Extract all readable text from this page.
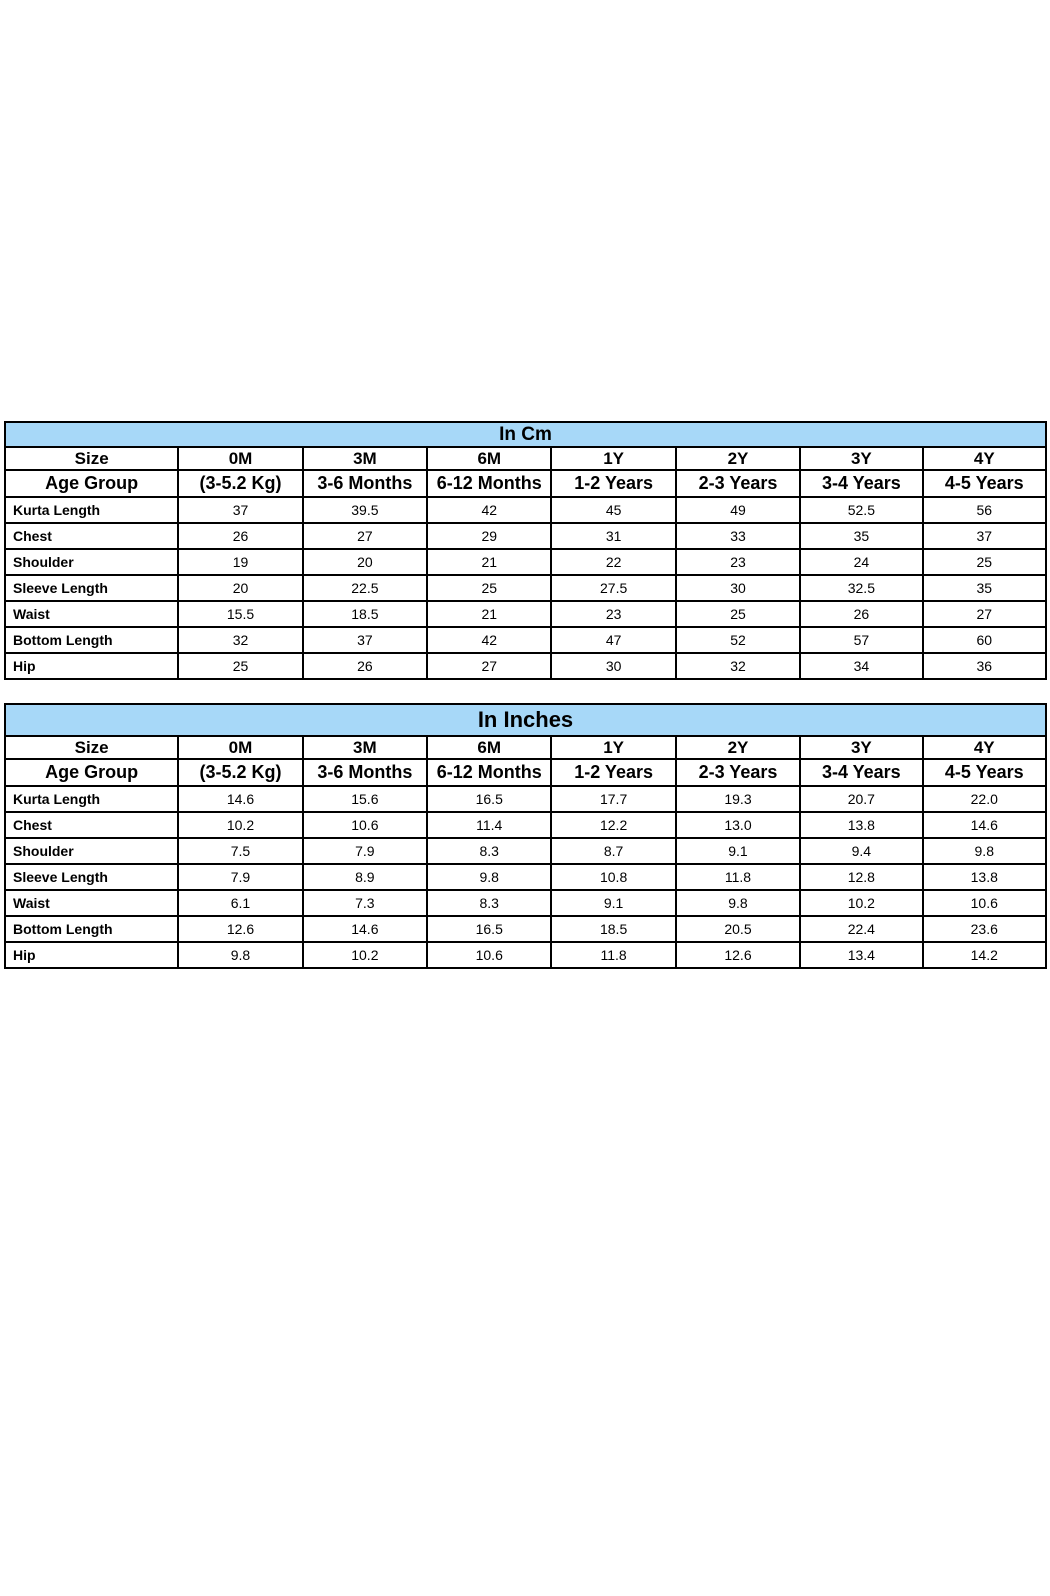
In Cm							
Size	0M	3M	6M	1Y	2Y	3Y	4Y
Age Group	(3-5.2 Kg)	3-6 Months	6-12 Months	1-2 Years	2-3 Years	3-4 Years	4-5 Years
Kurta Length	37	39.5	42	45	49	52.5	56
Chest	26	27	29	31	33	35	37
Shoulder	19	20	21	22	23	24	25
Sleeve Length	20	22.5	25	27.5	30	32.5	35
Waist	15.5	18.5	21	23	25	26	27
Bottom Length	32	37	42	47	52	57	60
Hip	25	26	27	30	32	34	36
In Inches							
Size	0M	3M	6M	1Y	2Y	3Y	4Y
Age Group	(3-5.2 Kg)	3-6 Months	6-12 Months	1-2 Years	2-3 Years	3-4 Years	4-5 Years
Kurta Length	14.6	15.6	16.5	17.7	19.3	20.7	22.0
Chest	10.2	10.6	11.4	12.2	13.0	13.8	14.6
Shoulder	7.5	7.9	8.3	8.7	9.1	9.4	9.8
Sleeve Length	7.9	8.9	9.8	10.8	11.8	12.8	13.8
Waist	6.1	7.3	8.3	9.1	9.8	10.2	10.6
Bottom Length	12.6	14.6	16.5	18.5	20.5	22.4	23.6
Hip	9.8	10.2	10.6	11.8	12.6	13.4	14.2
